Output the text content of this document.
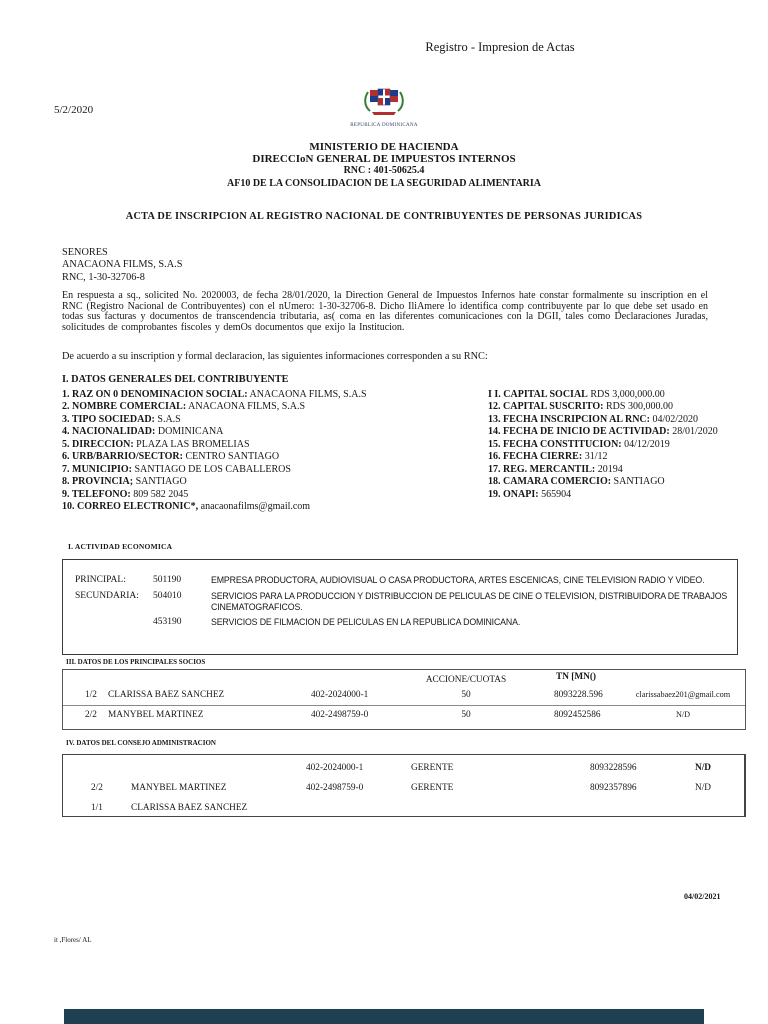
Registro - Impresion de Actas
5/2/2020
REPUBLICA DOMINICANA
MINISTERIO DE HACIENDA
DIRECCIoN GENERAL DE IMPUESTOS INTERNOS
RNC : 401-50625.4
AF10 DE LA CONSOLIDACION DE LA SEGURIDAD ALIMENTARIA
ACTA DE INSCRIPCION AL REGISTRO NACIONAL DE CONTRIBUYENTES DE PERSONAS JURIDICAS
SENORES
ANACAONA FILMS, S.A.S
RNC, 1-30-32706-8
En respuesta a sq., solicited No. 2020003, de fecha 28/01/2020, la Direction General de Impuestos Infernos hate constar formalmente su inscription en el RNC (Registro Nacional de Contribuyentes) con el nUmero: 1-30-32706-8. Dicho IliAmere lo identifica comp contribuyente par lo que debe set usado en todas sus facturas y documentos de transcendencia tributaria, as( coma en las diferentes comunicaciones con la DGII, tales como Declaraciones Juradas, solicitudes de comprobantes fiscoles y demOs documentos que exijo la Institucion.
De acuerdo a su inscription y formal declaracion, las siguientes informaciones corresponden a su RNC:
I. DATOS GENERALES DEL CONTRIBUYENTE
1. RAZ ON 0 DENOMINACION SOCIAL: ANACAONA FILMS, S.A.S
2. NOMBRE COMERCIAL: ANACAONA FILMS, S.A.S
3. TIPO SOCIEDAD: S.A.S
4. NACIONALIDAD: DOMINICANA
5. DIRECCION: PLAZA LAS BROMELIAS
6. URB/BARRIO/SECTOR: CENTRO SANTIAGO
7. MUNICIPIO: SANTIAGO DE LOS CABALLEROS
8. PROVINCIA; SANTIAGO
9. TELEFONO: 809 582 2045
10. CORREO ELECTRONIC*, anacaonafilms@gmail.com
I I. CAPITAL SOCIAL RDS 3,000,000.00
12. CAPITAL SUSCRITO: RDS 300,000.00
13. FECHA INSCRIPCION AL RNC: 04/02/2020
14. FECHA DE INICIO DE ACTIVIDAD: 28/01/2020
15. FECHA CONSTITUCION: 04/12/2019
16. FECHA CIERRE: 31/12
17. REG. MERCANTIL: 20194
18. CAMARA COMERCIO: SANTIAGO
19. ONAPI: 565904
I. ACTIVIDAD ECONOMICA
PRINCIPAL:	501190	EMPRESA PRODUCTORA, AUDIOVISUAL O CASA PRODUCTORA, ARTES ESCENICAS, CINE TELEVISION RADIO Y VIDEO.
SECUNDARIA:	504010	SERVICIOS PARA LA PRODUCCION Y DISTRIBUCCION DE PELICULAS DE CINE O TELEVISION, DISTRIBUIDORA DE TRABAJOS CINEMATOGRAFICOS.
453190	SERVICIOS DE FILMACION DE PELICULAS EN LA REPUBLICA DOMINICANA.
III. DATOS DE LOS PRINCIPALES SOCIOS
ACCIONE/CUOTAS	TN [MN()
1/2 CLARISSA BAEZ SANCHEZ	402-2024000-1	50	8093228.596	clarissabaez201@gmail.com
2/2 MANYBEL MARTINEZ	402-2498759-0	50	8092452586	N/D
IV. DATOS DEL CONSEJO ADMINISTRACION
402-2024000-1	GERENTE	8093228596	N/D
2/2	MANYBEL MARTINEZ	402-2498759-0	GERENTE	8092357896	N/D
1/1	CLARISSA BAEZ SANCHEZ
04/02/2021
it ,Flores/ AL
